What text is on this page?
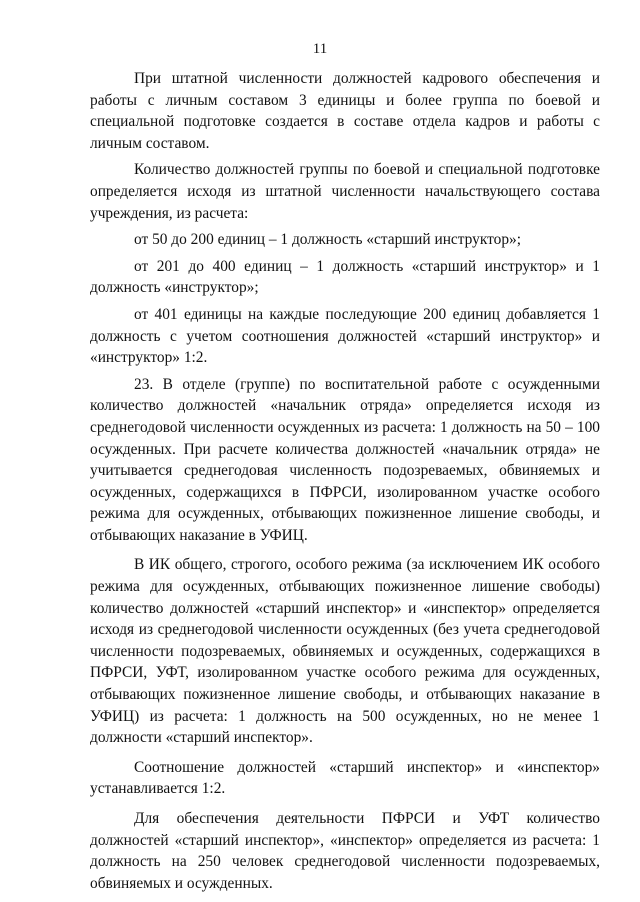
11

При штатной численности должностей кадрового обеспечения и работы с личным составом 3 единицы и более группа по боевой и специальной подготовке создается в составе отдела кадров и работы с личным составом.

Количество должностей группы по боевой и специальной подготовке определяется исходя из штатной численности начальствующего состава учреждения, из расчета:

от 50 до 200 единиц – 1 должность «старший инструктор»;

от 201 до 400 единиц – 1 должность «старший инструктор» и 1 должность «инструктор»;

от 401 единицы на каждые последующие 200 единиц добавляется 1 должность с учетом соотношения должностей «старший инструктор» и «инструктор» 1:2.

23. В отделе (группе) по воспитательной работе с осужденными количество должностей «начальник отряда» определяется исходя из среднегодовой численности осужденных из расчета: 1 должность на 50 – 100 осужденных. При расчете количества должностей «начальник отряда» не учитывается среднегодовая численность подозреваемых, обвиняемых и осужденных, содержащихся в ПФРСИ, изолированном участке особого режима для осужденных, отбывающих пожизненное лишение свободы, и отбывающих наказание в УФИЦ.

В ИК общего, строгого, особого режима (за исключением ИК особого режима для осужденных, отбывающих пожизненное лишение свободы) количество должностей «старший инспектор» и «инспектор» определяется исходя из среднегодовой численности осужденных (без учета среднегодовой численности подозреваемых, обвиняемых и осужденных, содержащихся в ПФРСИ, УФТ, изолированном участке особого режима для осужденных, отбывающих пожизненное лишение свободы, и отбывающих наказание в УФИЦ) из расчета: 1 должность на 500 осужденных, но не менее 1 должности «старший инспектор».

Соотношение должностей «старший инспектор» и «инспектор» устанавливается 1:2.

Для обеспечения деятельности ПФРСИ и УФТ количество должностей «старший инспектор», «инспектор» определяется из расчета: 1 должность на 250 человек среднегодовой численности подозреваемых, обвиняемых и осужденных.
